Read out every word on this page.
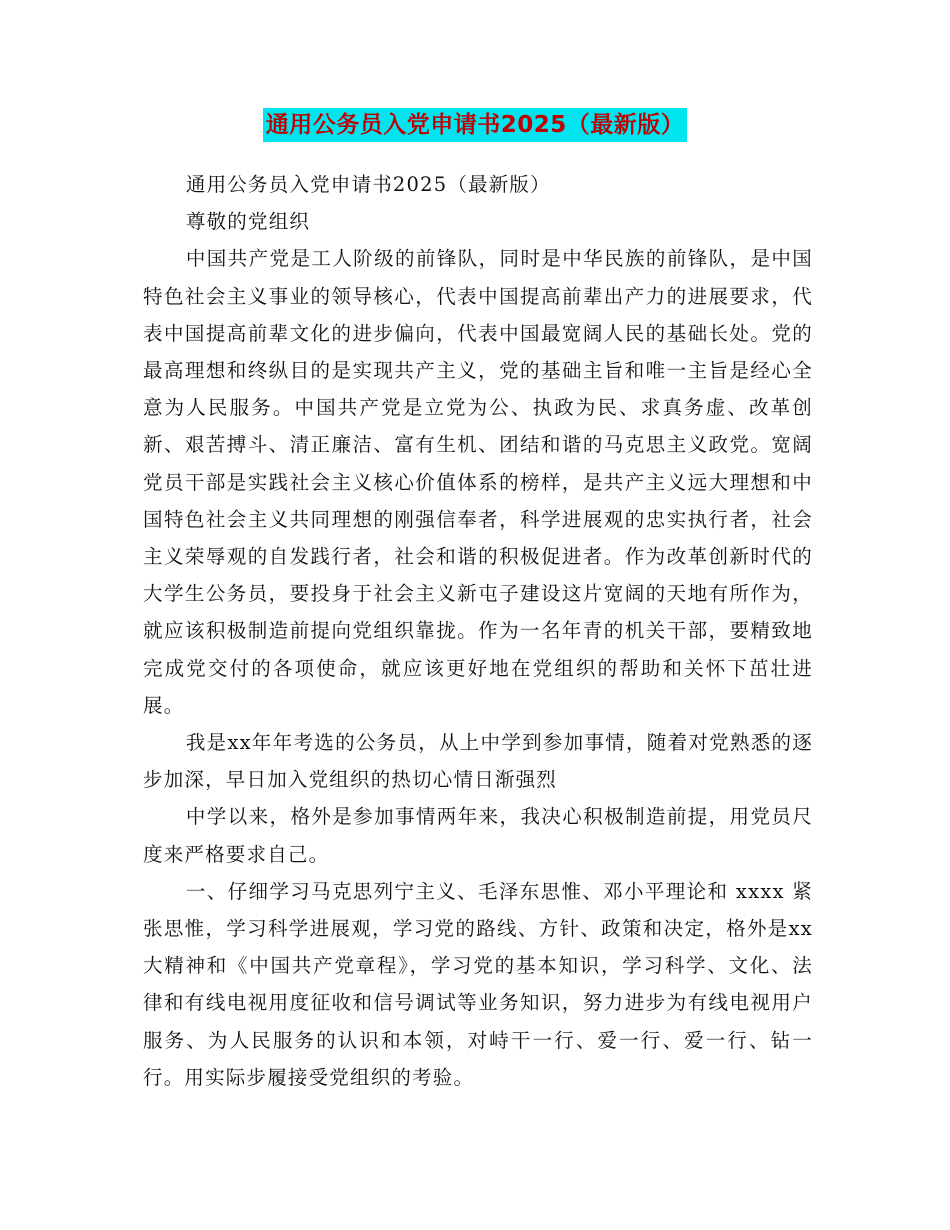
通用公务员入党申请书2025（最新版）

通用公务员入党申请书2025（最新版）

尊敬的党组织

中国共产党是工人阶级的前锋队，同时是中华民族的前锋队，是中国特色社会主义事业的领导核心，代表中国提高前辈出产力的进展要求，代表中国提高前辈文化的进步偏向，代表中国最宽阔人民的基础长处。党的最高理想和终纵目的是实现共产主义，党的基础主旨和唯一主旨是经心全意为人民服务。中国共产党是立党为公、执政为民、求真务虚、改革创新、艰苦搏斗、清正廉洁、富有生机、团结和谐的马克思主义政党。宽阔党员干部是实践社会主义核心价值体系的榜样，是共产主义远大理想和中国特色社会主义共同理想的刚强信奉者，科学进展观的忠实执行者，社会主义荣辱观的自发践行者，社会和谐的积极促进者。作为改革创新时代的大学生公务员，要投身于社会主义新屯子建设这片宽阔的天地有所作为，就应该积极制造前提向党组织靠拢。作为一名年青的机关干部，要精致地完成党交付的各项使命，就应该更好地在党组织的帮助和关怀下茁壮进展。

我是xx年年考选的公务员，从上中学到参加事情，随着对党熟悉的逐步加深，早日加入党组织的热切心情日渐强烈

中学以来，格外是参加事情两年来，我决心积极制造前提，用党员尺度来严格要求自己。

一、仔细学习马克思列宁主义、毛泽东思惟、邓小平理论和 xxxx 紧张思惟，学习科学进展观，学习党的路线、方针、政策和决定，格外是xx大精神和《中国共产党章程》，学习党的基本知识，学习科学、文化、法律和有线电视用度征收和信号调试等业务知识，努力进步为有线电视用户服务、为人民服务的认识和本领，对峙干一行、爱一行、爱一行、钻一行。用实际步履接受党组织的考验。
